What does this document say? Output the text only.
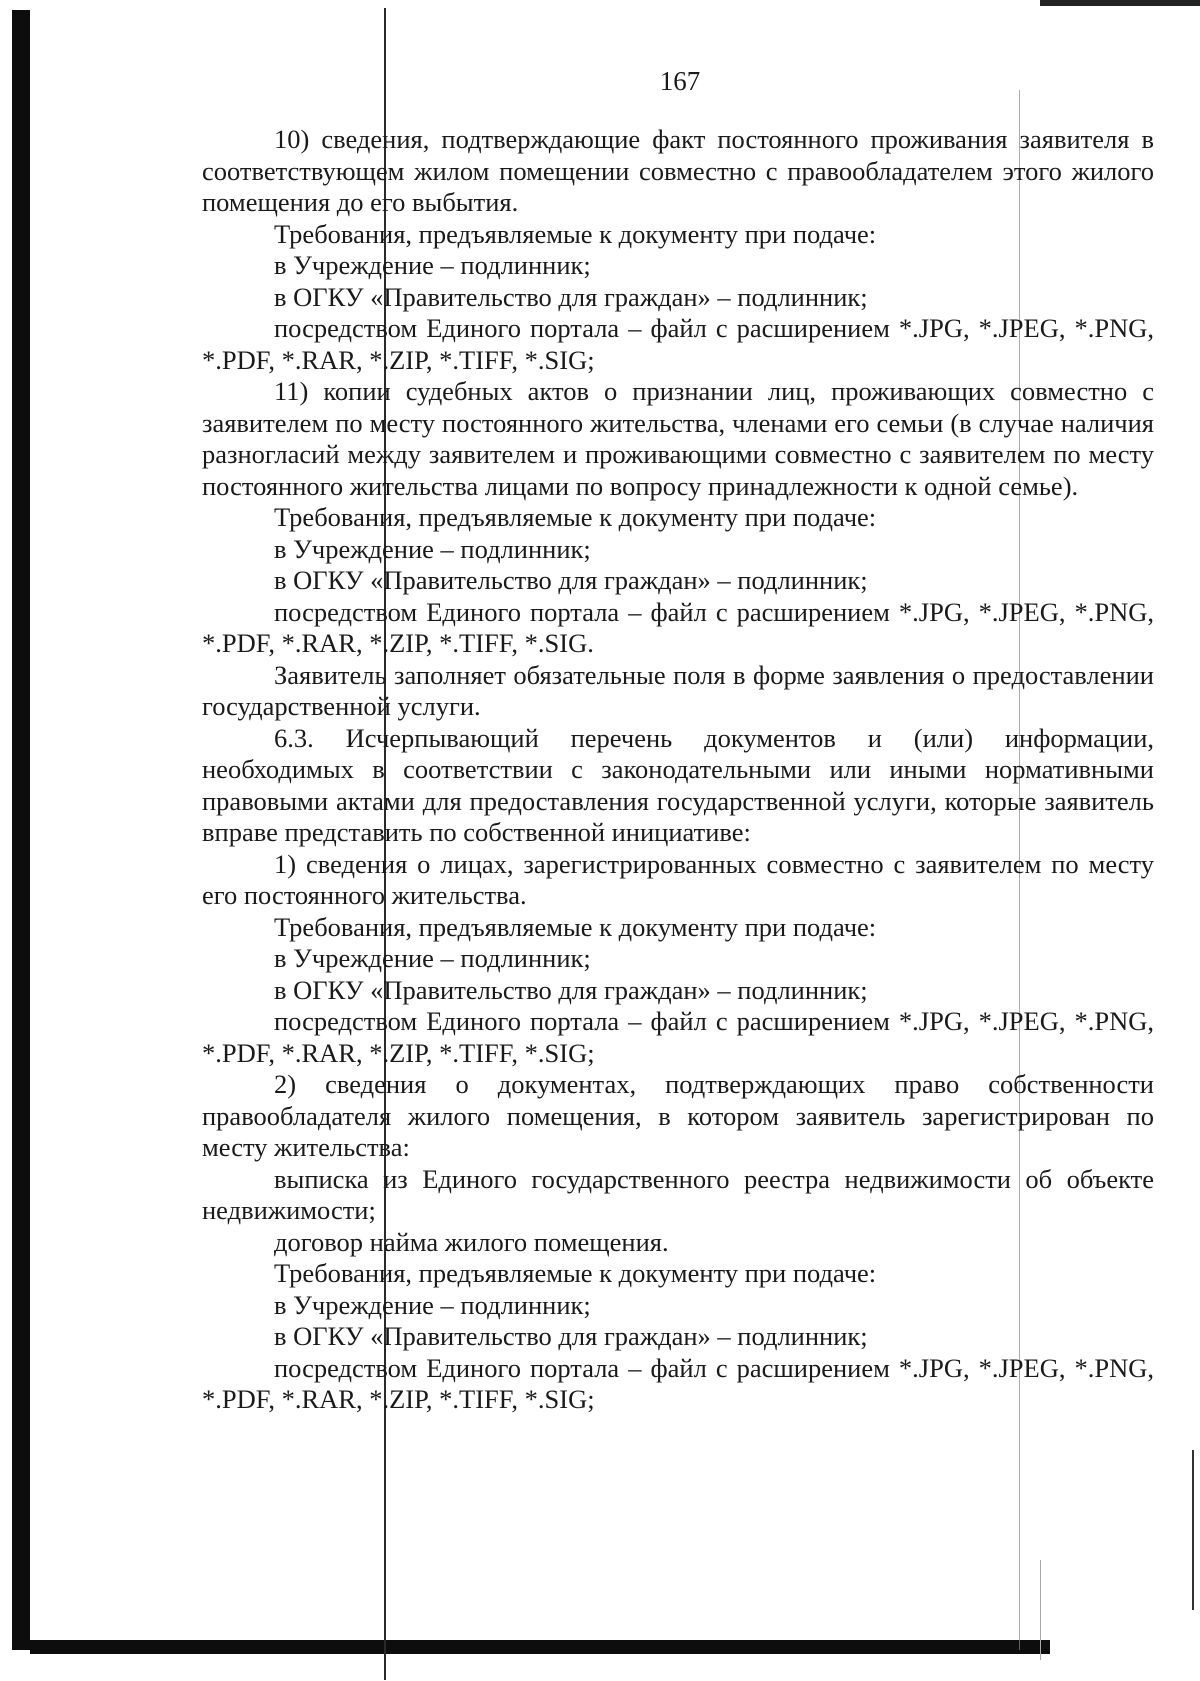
167

10) сведения, подтверждающие факт постоянного проживания заявителя в соответствующем жилом помещении совместно с правообладателем этого жилого помещения до его выбытия.

Требования, предъявляемые к документу при подаче:

в Учреждение – подлинник;

в ОГКУ «Правительство для граждан» – подлинник;

посредством Единого портала – файл с расширением *.JPG, *.JPEG, *.PNG, *.PDF, *.RAR, *.ZIP, *.TIFF, *.SIG;

11) копии судебных актов о признании лиц, проживающих совместно с заявителем по месту постоянного жительства, членами его семьи (в случае наличия разногласий между заявителем и проживающими совместно с заявителем по месту постоянного жительства лицами по вопросу принадлежности к одной семье).

Требования, предъявляемые к документу при подаче:

в Учреждение – подлинник;

в ОГКУ «Правительство для граждан» – подлинник;

посредством Единого портала – файл с расширением *.JPG, *.JPEG, *.PNG, *.PDF, *.RAR, *.ZIP, *.TIFF, *.SIG.

Заявитель заполняет обязательные поля в форме заявления о предоставлении государственной услуги.

6.3. Исчерпывающий перечень документов и (или) информации, необходимых в соответствии с законодательными или иными нормативными правовыми актами для предоставления государственной услуги, которые заявитель вправе представить по собственной инициативе:

1) сведения о лицах, зарегистрированных совместно с заявителем по месту его постоянного жительства.

Требования, предъявляемые к документу при подаче:

в Учреждение – подлинник;

в ОГКУ «Правительство для граждан» – подлинник;

посредством Единого портала – файл с расширением *.JPG, *.JPEG, *.PNG, *.PDF, *.RAR, *.ZIP, *.TIFF, *.SIG;

2) сведения о документах, подтверждающих право собственности правообладателя жилого помещения, в котором заявитель зарегистрирован по месту жительства:

выписка из Единого государственного реестра недвижимости об объекте недвижимости;

договор найма жилого помещения.

Требования, предъявляемые к документу при подаче:

в Учреждение – подлинник;

в ОГКУ «Правительство для граждан» – подлинник;

посредством Единого портала – файл с расширением *.JPG, *.JPEG, *.PNG, *.PDF, *.RAR, *.ZIP, *.TIFF, *.SIG;
